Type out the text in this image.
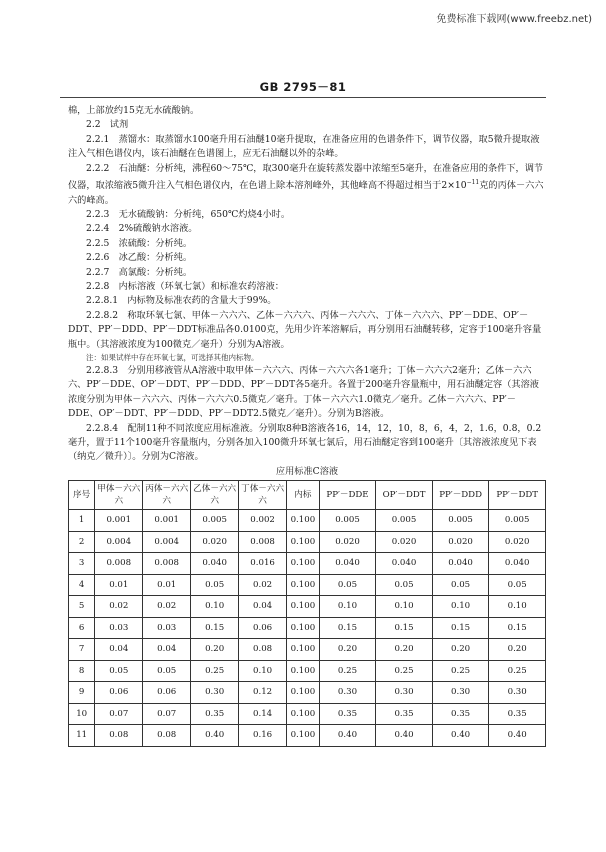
免费标准下载网(www.freebz.net)
GB 2795－81

棉，上部放约15克无水硫酸钠。

2.2　试剂

2.2.1　蒸馏水：取蒸馏水100毫升用石油醚10毫升提取，在准备应用的色谱条件下，调节仪器，取5微升提取液注入气相色谱仪内，该石油醚在色谱图上，应无石油醚以外的杂峰。

2.2.2　石油醚：分析纯，沸程60～75℃，取300毫升在旋转蒸发器中浓缩至5毫升，在准备应用的条件下，调节仪器，取浓缩液5微升注入气相色谱仪内，在色谱上除本溶剂峰外，其他峰高不得超过相当于$2\times 10^{-11}$克的丙体－六六六的峰高。

2.2.3　无水硫酸钠：分析纯，650℃灼烧4小时。

2.2.4　2%硫酸钠水溶液。

2.2.5　浓硫酸：分析纯。

2.2.6　冰乙酸：分析纯。

2.2.7　高氯酸：分析纯。

2.2.8　内标溶液（环氧七氯）和标准农药溶液：

2.2.8.1　内标物及标准农药的含量大于99%。

2.2.8.2　称取环氧七氯、甲体－六六六、乙体－六六六、丙体－六六六、丁体－六六六、PP′－DDE、OP′－DDT、PP′－DDD、PP′－DDT标准品各0.0100克，先用少许苯溶解后，再分别用石油醚转移，定容于100毫升容量瓶中。（其溶液浓度为100微克／毫升）分别为A溶液。

注：如果试样中存在环氧七氯，可选择其他内标物。

2.2.8.3　分别用移液管从A溶液中取甲体－六六六、丙体－六六六各1毫升；丁体－六六六2毫升；乙体－六六六、PP′－DDE、OP′－DDT、PP′－DDD、PP′－DDT各5毫升。各置于200毫升容量瓶中，用石油醚定容（其溶液浓度分别为甲体－六六六、丙体－六六六0.5微克／毫升。丁体－六六六1.0微克／毫升。乙体－六六六、PP′－DDE、OP′－DDT、PP′－DDD、PP′－DDT2.5微克／毫升）。分别为B溶液。

2.2.8.4　配制11种不同浓度应用标准液。分别取8种B溶液各16，14，12，10，8，6，4，2，1.6，0.8，0.2毫升，置于11个100毫升容量瓶内，分别各加入100微升环氧七氯后，用石油醚定容到100毫升〔其溶液浓度见下表（纳克／微升）〕。分别为C溶液。

应用标准C溶液

序号	甲体－六六六	丙体－六六六	乙体－六六六	丁体－六六六	内标	PP′－DDE	OP′－DDT	PP′－DDD	PP′－DDT
1	0.001	0.001	0.005	0.002	0.100	0.005	0.005	0.005	0.005
2	0.004	0.004	0.020	0.008	0.100	0.020	0.020	0.020	0.020
3	0.008	0.008	0.040	0.016	0.100	0.040	0.040	0.040	0.040
4	0.01	0.01	0.05	0.02	0.100	0.05	0.05	0.05	0.05
5	0.02	0.02	0.10	0.04	0.100	0.10	0.10	0.10	0.10
6	0.03	0.03	0.15	0.06	0.100	0.15	0.15	0.15	0.15
7	0.04	0.04	0.20	0.08	0.100	0.20	0.20	0.20	0.20
8	0.05	0.05	0.25	0.10	0.100	0.25	0.25	0.25	0.25
9	0.06	0.06	0.30	0.12	0.100	0.30	0.30	0.30	0.30
10	0.07	0.07	0.35	0.14	0.100	0.35	0.35	0.35	0.35
11	0.08	0.08	0.40	0.16	0.100	0.40	0.40	0.40	0.40
